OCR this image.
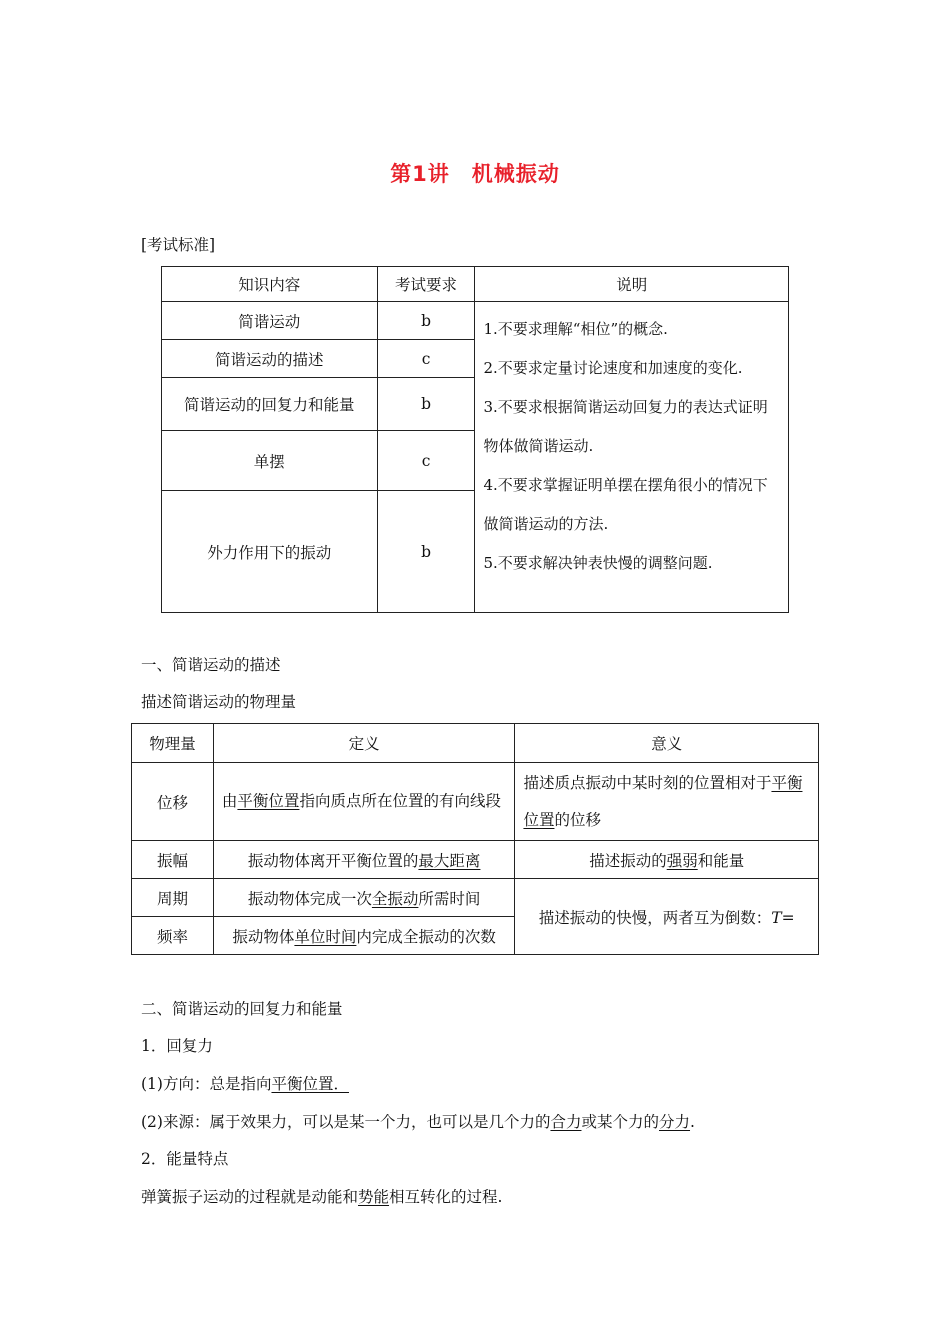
第1讲　机械振动
[考试标准]
知识内容	考试要求	说明
简谐运动	b	1.不要求理解“相位”的概念.
2.不要求定量讨论速度和加速度的变化.
3.不要求根据简谐运动回复力的表达式证明物体做简谐运动.
4.不要求掌握证明单摆在摆角很小的情况下做简谐运动的方法.
5.不要求解决钟表快慢的调整问题.

简谐运动的描述	c	
简谐运动的回复力和能量	b	
单摆	c	
外力作用下的振动	b	
一、简谐运动的描述
描述简谐运动的物理量
物理量	定义	意义
位移	由平衡位置指向质点所在位置的有向线段	描述质点振动中某时刻的位置相对于平衡位置的位移
振幅	振动物体离开平衡位置的最大距离	描述振动的强弱和能量
周期	振动物体完成一次全振动所需时间	描述振动的快慢，两者互为倒数：T=
频率	振动物体单位时间内完成全振动的次数	
二、简谐运动的回复力和能量
1．回复力
(1)方向：总是指向平衡位置．
(2)来源：属于效果力，可以是某一个力，也可以是几个力的合力或某个力的分力.
2．能量特点
弹簧振子运动的过程就是动能和势能相互转化的过程.
